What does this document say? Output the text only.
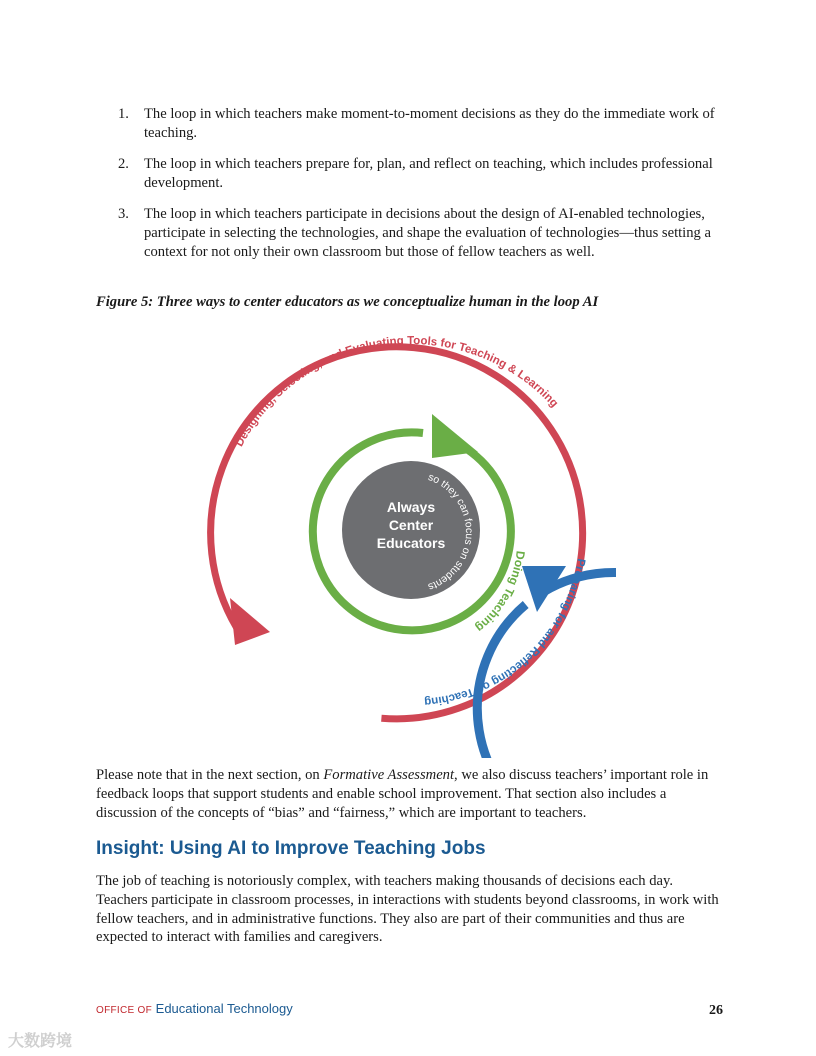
1. The loop in which teachers make moment-to-moment decisions as they do the immediate work of teaching.
2. The loop in which teachers prepare for, plan, and reflect on teaching, which includes professional development.
3. The loop in which teachers participate in decisions about the design of AI-enabled technologies, participate in selecting the technologies, and shape the evaluation of technologies—thus setting a context for not only their own classroom but those of fellow teachers as well.
Figure 5: Three ways to center educators as we conceptualize human in the loop AI
Always
Center
Educators
so they can focus on students
Doing Teaching
Preparing for and Reflecting on Teaching
Designing, Selecting, and Evaluating Tools for Teaching & Learning

Please note that in the next section, on Formative Assessment, we also discuss teachers’ important role in feedback loops that support students and enable school improvement. That section also includes a discussion of the concepts of “bias” and “fairness,” which are important to teachers.

Insight: Using AI to Improve Teaching Jobs

The job of teaching is notoriously complex, with teachers making thousands of decisions each day. Teachers participate in classroom processes, in interactions with students beyond classrooms, in work with fellow teachers, and in administrative functions. They also are part of their communities and thus are expected to interact with families and caregivers.

OFFICE OF Educational Technology	26
大数跨境
